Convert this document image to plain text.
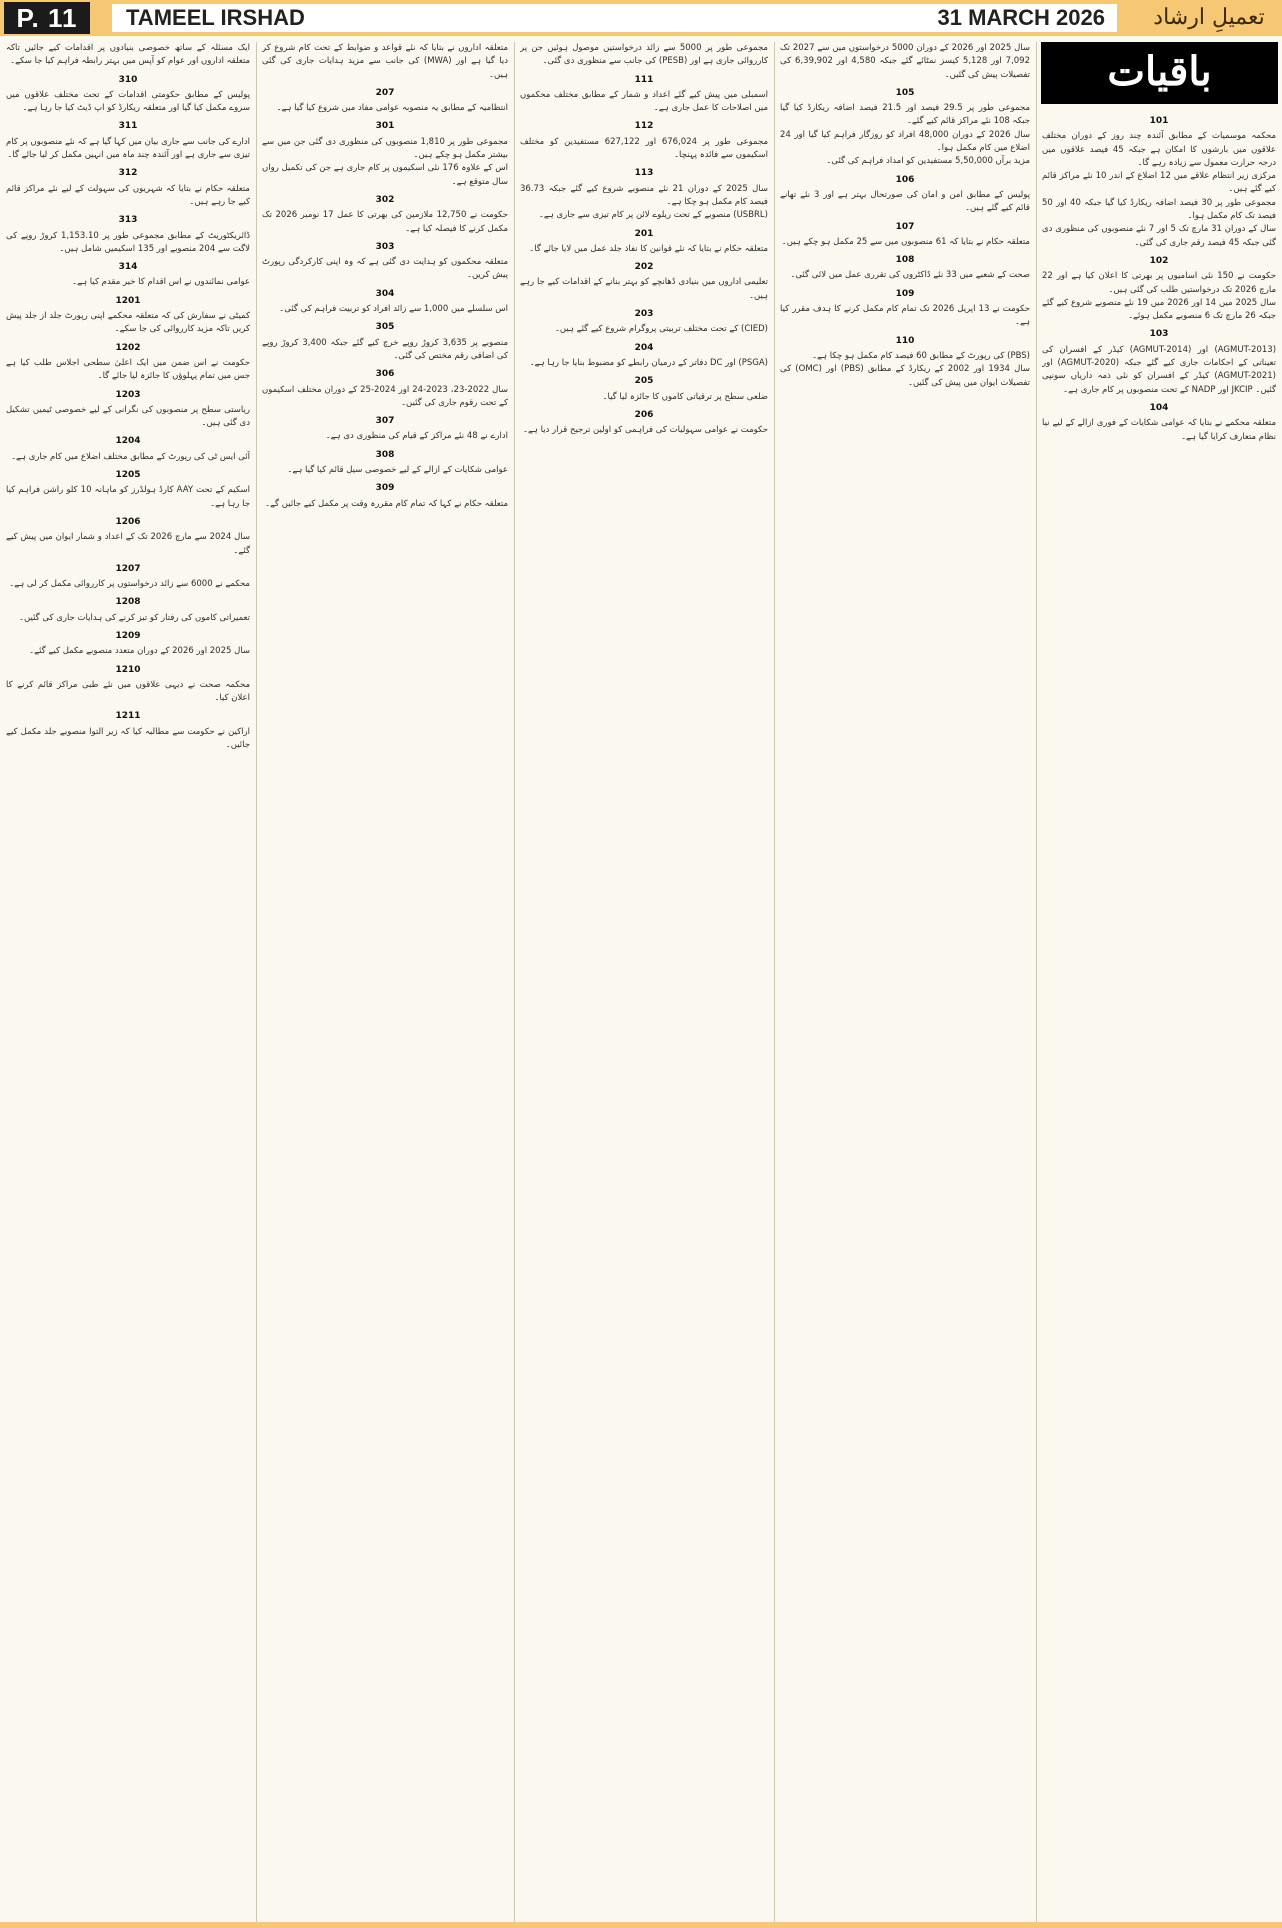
P. 11	TAMEEL IRSHAD	31 MARCH 2026	تعمیلِ ارشاد
باقیات

ایک مسئلہ کے ساتھ خصوصی بنیادوں پر اقدامات کیے جائیں تاکہ متعلقہ اداروں اور عوام کو آپس میں بہتر رابطہ فراہم کیا جا سکے۔

310

پولیس کے مطابق حکومتی اقدامات کے تحت مختلف علاقوں میں سروے مکمل کیا گیا اور متعلقہ ریکارڈ کو اپ ڈیٹ کیا جا رہا ہے۔

311

ادارے کی جانب سے جاری بیان میں کہا گیا ہے کہ نئے منصوبوں پر کام تیزی سے جاری ہے اور آئندہ چند ماہ میں انہیں مکمل کر لیا جائے گا۔

312

متعلقہ حکام نے بتایا کہ شہریوں کی سہولت کے لیے نئے مراکز قائم کیے جا رہے ہیں۔

313

ڈائریکٹوریٹ کے مطابق مجموعی طور پر 1,153.10 کروڑ روپے کی لاگت سے 204 منصوبے اور 135 اسکیمیں شامل ہیں۔

314

عوامی نمائندوں نے اس اقدام کا خیر مقدم کیا ہے۔

1201

کمیٹی نے سفارش کی کہ متعلقہ محکمے اپنی رپورٹ جلد از جلد پیش کریں تاکہ مزید کارروائی کی جا سکے۔

1202

حکومت نے اس ضمن میں ایک اعلیٰ سطحی اجلاس طلب کیا ہے جس میں تمام پہلوؤں کا جائزہ لیا جائے گا۔

1203

ریاستی سطح پر منصوبوں کی نگرانی کے لیے خصوصی ٹیمیں تشکیل دی گئی ہیں۔

1204

آئی ایس ٹی کی رپورٹ کے مطابق مختلف اضلاع میں کام جاری ہے۔

1205

اسکیم کے تحت AAY کارڈ ہولڈرز کو ماہانہ 10 کلو راشن فراہم کیا جا رہا ہے۔

1206

سال 2024 سے مارچ 2026 تک کے اعداد و شمار ایوان میں پیش کیے گئے۔

1207

محکمے نے 6000 سے زائد درخواستوں پر کارروائی مکمل کر لی ہے۔

1208

تعمیراتی کاموں کی رفتار کو تیز کرنے کی ہدایات جاری کی گئیں۔

1209

سال 2025 اور 2026 کے دوران متعدد منصوبے مکمل کیے گئے۔

1210

محکمہ صحت نے دیہی علاقوں میں نئے طبی مراکز قائم کرنے کا اعلان کیا۔

1211

اراکین نے حکومت سے مطالبہ کیا کہ زیر التوا منصوبے جلد مکمل کیے جائیں۔

متعلقہ اداروں نے بتایا کہ نئے قواعد و ضوابط کے تحت کام شروع کر دیا گیا ہے اور (MWA) کی جانب سے مزید ہدایات جاری کی گئی ہیں۔

207

انتظامیہ کے مطابق یہ منصوبہ عوامی مفاد میں شروع کیا گیا ہے۔

301

مجموعی طور پر 1,810 منصوبوں کی منظوری دی گئی جن میں سے بیشتر مکمل ہو چکے ہیں۔

اس کے علاوہ 176 نئی اسکیموں پر کام جاری ہے جن کی تکمیل رواں سال متوقع ہے۔

302

حکومت نے 12,750 ملازمین کی بھرتی کا عمل 17 نومبر 2026 تک مکمل کرنے کا فیصلہ کیا ہے۔

303

متعلقہ محکموں کو ہدایت دی گئی ہے کہ وہ اپنی کارکردگی رپورٹ پیش کریں۔

304

اس سلسلے میں 1,000 سے زائد افراد کو تربیت فراہم کی گئی۔

305

منصوبے پر 3,635 کروڑ روپے خرچ کیے گئے جبکہ 3,400 کروڑ روپے کی اضافی رقم مختص کی گئی۔

306

سال 2022-23، 2023-24 اور 2024-25 کے دوران مختلف اسکیموں کے تحت رقوم جاری کی گئیں۔

307

ادارے نے 48 نئے مراکز کے قیام کی منظوری دی ہے۔

308

عوامی شکایات کے ازالے کے لیے خصوصی سیل قائم کیا گیا ہے۔

309

متعلقہ حکام نے کہا کہ تمام کام مقررہ وقت پر مکمل کیے جائیں گے۔

مجموعی طور پر 5000 سے زائد درخواستیں موصول ہوئیں جن پر کارروائی جاری ہے اور (PESB) کی جانب سے منظوری دی گئی۔

111

اسمبلی میں پیش کیے گئے اعداد و شمار کے مطابق مختلف محکموں میں اصلاحات کا عمل جاری ہے۔

112

مجموعی طور پر 676,024 اور 627,122 مستفیدین کو مختلف اسکیموں سے فائدہ پہنچا۔

113

سال 2025 کے دوران 21 نئے منصوبے شروع کیے گئے جبکہ 36.73 فیصد کام مکمل ہو چکا ہے۔

(USBRL) منصوبے کے تحت ریلوے لائن پر کام تیزی سے جاری ہے۔

201

متعلقہ حکام نے بتایا کہ نئے قوانین کا نفاذ جلد عمل میں لایا جائے گا۔

202

تعلیمی اداروں میں بنیادی ڈھانچے کو بہتر بنانے کے اقدامات کیے جا رہے ہیں۔

203

(CIED) کے تحت مختلف تربیتی پروگرام شروع کیے گئے ہیں۔

204

(PSGA) اور DC دفاتر کے درمیان رابطے کو مضبوط بنایا جا رہا ہے۔

205

ضلعی سطح پر ترقیاتی کاموں کا جائزہ لیا گیا۔

206

حکومت نے عوامی سہولیات کی فراہمی کو اولین ترجیح قرار دیا ہے۔

سال 2025 اور 2026 کے دوران 5000 درخواستوں میں سے 2027 تک 7,092 اور 5,128 کیسز نمٹائے گئے جبکہ 4,580 اور 6,39,902 کی تفصیلات پیش کی گئیں۔

105

مجموعی طور پر 29.5 فیصد اور 21.5 فیصد اضافہ ریکارڈ کیا گیا جبکہ 108 نئے مراکز قائم کیے گئے۔

سال 2026 کے دوران 48,000 افراد کو روزگار فراہم کیا گیا اور 24 اضلاع میں کام مکمل ہوا۔

مزید برآں 5,50,000 مستفیدین کو امداد فراہم کی گئی۔

106

پولیس کے مطابق امن و امان کی صورتحال بہتر ہے اور 3 نئے تھانے قائم کیے گئے ہیں۔

107

متعلقہ حکام نے بتایا کہ 61 منصوبوں میں سے 25 مکمل ہو چکے ہیں۔

108

صحت کے شعبے میں 33 نئے ڈاکٹروں کی تقرری عمل میں لائی گئی۔

109

حکومت نے 13 اپریل 2026 تک تمام کام مکمل کرنے کا ہدف مقرر کیا ہے۔

110

(PBS) کی رپورٹ کے مطابق 60 فیصد کام مکمل ہو چکا ہے۔

سال 1934 اور 2002 کے ریکارڈ کے مطابق (PBS) اور (OMC) کی تفصیلات ایوان میں پیش کی گئیں۔

101

محکمہ موسمیات کے مطابق آئندہ چند روز کے دوران مختلف علاقوں میں بارشوں کا امکان ہے جبکہ 45 فیصد علاقوں میں درجہ حرارت معمول سے زیادہ رہے گا۔

مرکزی زیر انتظام علاقے میں 12 اضلاع کے اندر 10 نئے مراکز قائم کیے گئے ہیں۔

مجموعی طور پر 30 فیصد اضافہ ریکارڈ کیا گیا جبکہ 40 اور 50 فیصد تک کام مکمل ہوا۔

سال کے دوران 31 مارچ تک 5 اور 7 نئے منصوبوں کی منظوری دی گئی جبکہ 45 فیصد رقم جاری کی گئی۔

102

حکومت نے 150 نئی اسامیوں پر بھرتی کا اعلان کیا ہے اور 22 مارچ 2026 تک درخواستیں طلب کی گئی ہیں۔

سال 2025 میں 14 اور 2026 میں 19 نئے منصوبے شروع کیے گئے جبکہ 26 مارچ تک 6 منصوبے مکمل ہوئے۔

103

(AGMUT-2013) اور (AGMUT-2014) کیڈر کے افسران کی تعیناتی کے احکامات جاری کیے گئے جبکہ (AGMUT-2020) اور (AGMUT-2021) کیڈر کے افسران کو نئی ذمہ داریاں سونپی گئیں۔ JKCIP اور NADP کے تحت منصوبوں پر کام جاری ہے۔

104

متعلقہ محکمے نے بتایا کہ عوامی شکایات کے فوری ازالے کے لیے نیا نظام متعارف کرایا گیا ہے۔
